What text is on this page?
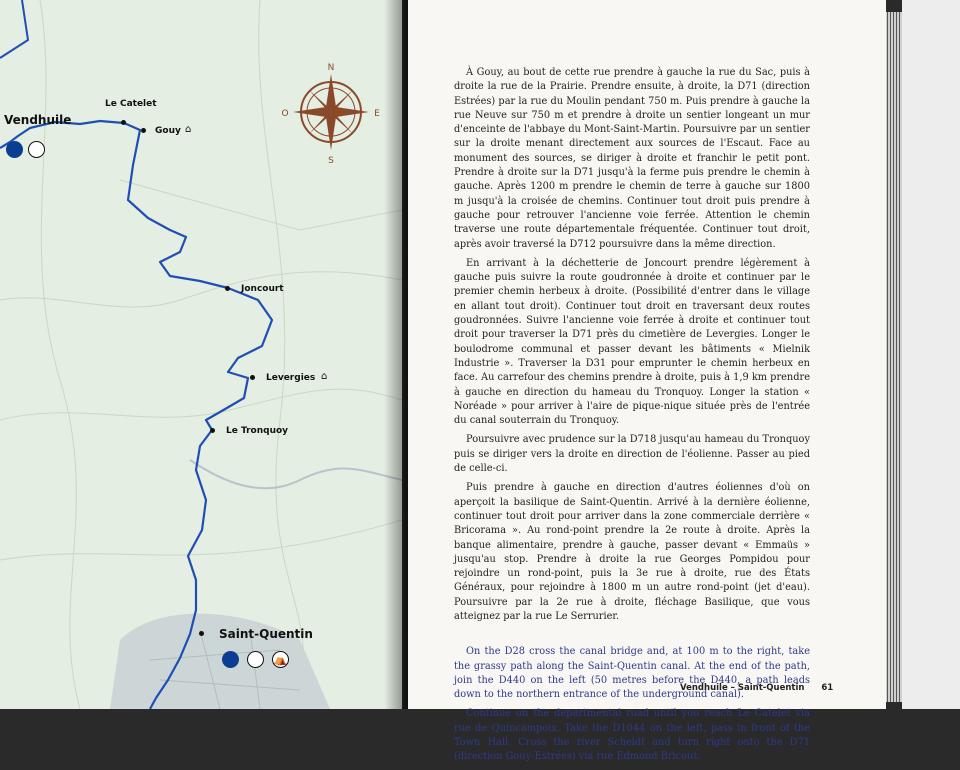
N
S
E
O
Vendhuile
Le Catelet
Gouy ⌂
Joncourt
Levergies ⌂
Le Tronquoy
Saint-Quentin
⛺

À Gouy, au bout de cette rue prendre à gauche la rue du Sac, puis à droite la rue de la Prairie. Prendre ensuite, à droite, la D71 (direction Estrées) par la rue du Moulin pendant 750 m. Puis prendre à gauche la rue Neuve sur 750 m et prendre à droite un sentier longeant un mur d'enceinte de l'abbaye du Mont-Saint-Martin. Poursuivre par un sentier sur la droite menant directement aux sources de l'Escaut. Face au monument des sources, se diriger à droite et franchir le petit pont. Prendre à droite sur la D71 jusqu'à la ferme puis prendre le chemin à gauche. Après 1200 m prendre le chemin de terre à gauche sur 1800 m jusqu'à la croisée de chemins. Continuer tout droit puis prendre à gauche pour retrouver l'ancienne voie ferrée. Attention le chemin traverse une route départementale fréquentée. Continuer tout droit, après avoir traversé la D712 poursuivre dans la même direction.

En arrivant à la déchetterie de Joncourt prendre légèrement à gauche puis suivre la route goudronnée à droite et continuer par le premier chemin herbeux à droite. (Possibilité d'entrer dans le village en allant tout droit). Continuer tout droit en traversant deux routes goudronnées. Suivre l'ancienne voie ferrée à droite et continuer tout droit pour traverser la D71 près du cimetière de Levergies. Longer le boulodrome communal et passer devant les bâtiments « Mielnik Industrie ». Traverser la D31 pour emprunter le chemin herbeux en face. Au carrefour des chemins prendre à droite, puis à 1,9 km prendre à gauche en direction du hameau du Tronquoy. Longer la station « Noréade » pour arriver à l'aire de pique-nique située près de l'entrée du canal souterrain du Tronquoy.

Poursuivre avec prudence sur la D718 jusqu'au hameau du Tronquoy puis se diriger vers la droite en direction de l'éolienne. Passer au pied de celle-ci.

Puis prendre à gauche en direction d'autres éoliennes d'où on aperçoit la basilique de Saint-Quentin. Arrivé à la dernière éolienne, continuer tout droit pour arriver dans la zone commerciale derrière « Bricorama ». Au rond-point prendre la 2e route à droite. Après la banque alimentaire, prendre à gauche, passer devant « Emmaüs » jusqu'au stop. Prendre à droite la rue Georges Pompidou pour rejoindre un rond-point, puis la 3e rue à droite, rue des États Généraux, pour rejoindre à 1800 m un autre rond-point (jet d'eau). Poursuivre par la 2e rue à droite, fléchage Basilique, que vous atteignez par la rue Le Serrurier.

On the D28 cross the canal bridge and, at 100 m to the right, take the grassy path along the Saint-Quentin canal. At the end of the path, join the D440 on the left (50 metres before the D440, a path leads down to the northern entrance of the underground canal).

Continue on the departmental road until you reach Le Catelet via rue de Quincampoix. Take the D1044 on the left, pass in front of the Town Hall. Cross the river Scheldt and turn right onto the D71 (direction Gouy-Estrées) via rue Edmond Bricout.

Vendhuile – Saint-Quentin 61
